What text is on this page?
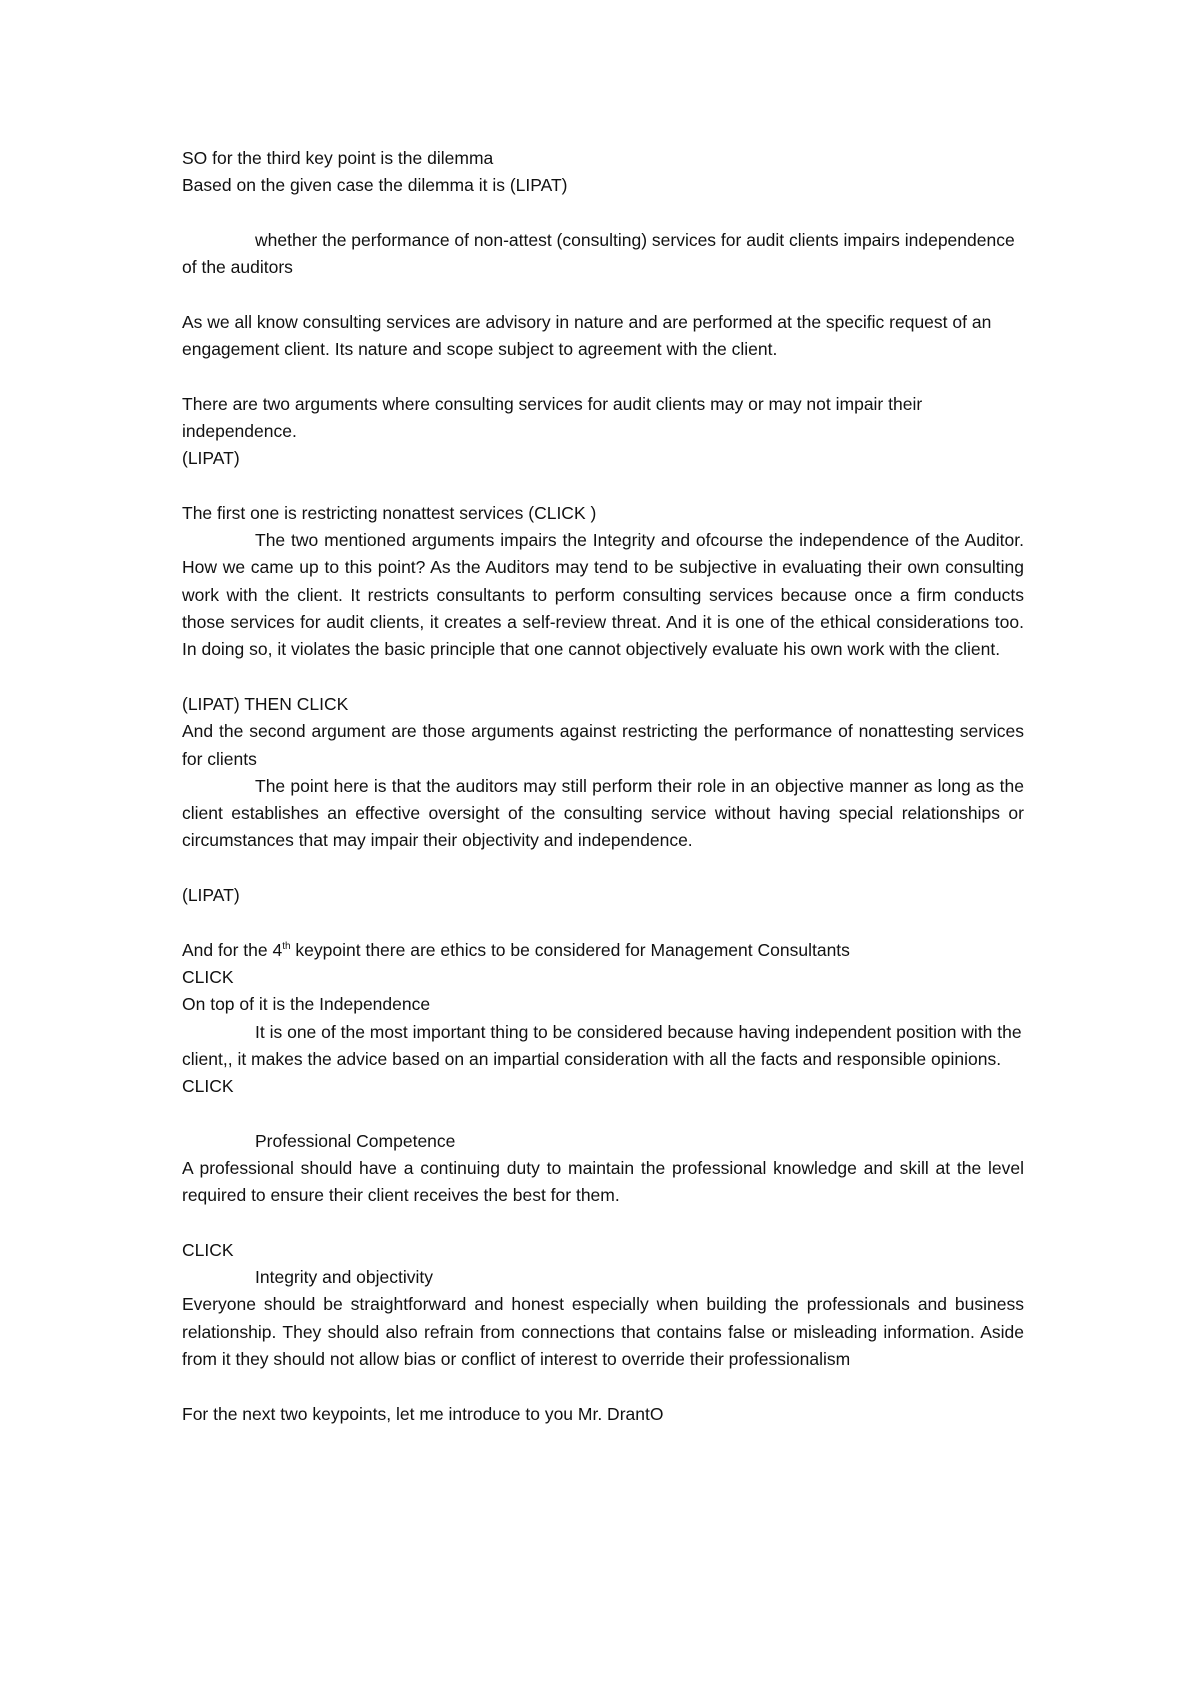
SO for the third key point is the dilemma

Based on the given case the dilemma it is (LIPAT)

whether the performance of non-attest (consulting) services for audit clients impairs independence of the auditors

As we all know consulting services are advisory in nature and are performed at the specific request of an engagement client. Its nature and scope subject to agreement with the client.

There are two arguments where consulting services for audit clients may or may not impair their independence.

(LIPAT)

The first one is restricting nonattest services (CLICK )

The two mentioned arguments impairs the Integrity and ofcourse the independence of the Auditor. How we came up to this point? As the Auditors may tend to be subjective in evaluating their own consulting work with the client. It restricts consultants to perform consulting services because once a firm conducts those services for audit clients, it creates a self-review threat. And it is one of the ethical considerations too. In doing so, it violates the basic principle that one cannot objectively evaluate his own work with the client.

(LIPAT) THEN CLICK

And the second argument are those arguments against restricting the performance of nonattesting services for clients

The point here is that the auditors may still perform their role in an objective manner as long as the client establishes an effective oversight of the consulting service without having special relationships or circumstances that may impair their objectivity and independence.

(LIPAT)

And for the 4th keypoint there are ethics to be considered for Management Consultants

CLICK

On top of it is the Independence

It is one of the most important thing to be considered because having independent position with the client,, it makes the advice based on an impartial consideration with all the facts and responsible opinions.

CLICK

Professional Competence

A professional should have a continuing duty to maintain the professional knowledge and skill at the level required to ensure their client receives the best for them.

CLICK

Integrity and objectivity

Everyone should be straightforward and honest especially when building the professionals and business relationship. They should also refrain from connections that contains false or misleading information. Aside from it they should not allow bias or conflict of interest to override their professionalism

For the next two keypoints, let me introduce to you Mr. DrantO
